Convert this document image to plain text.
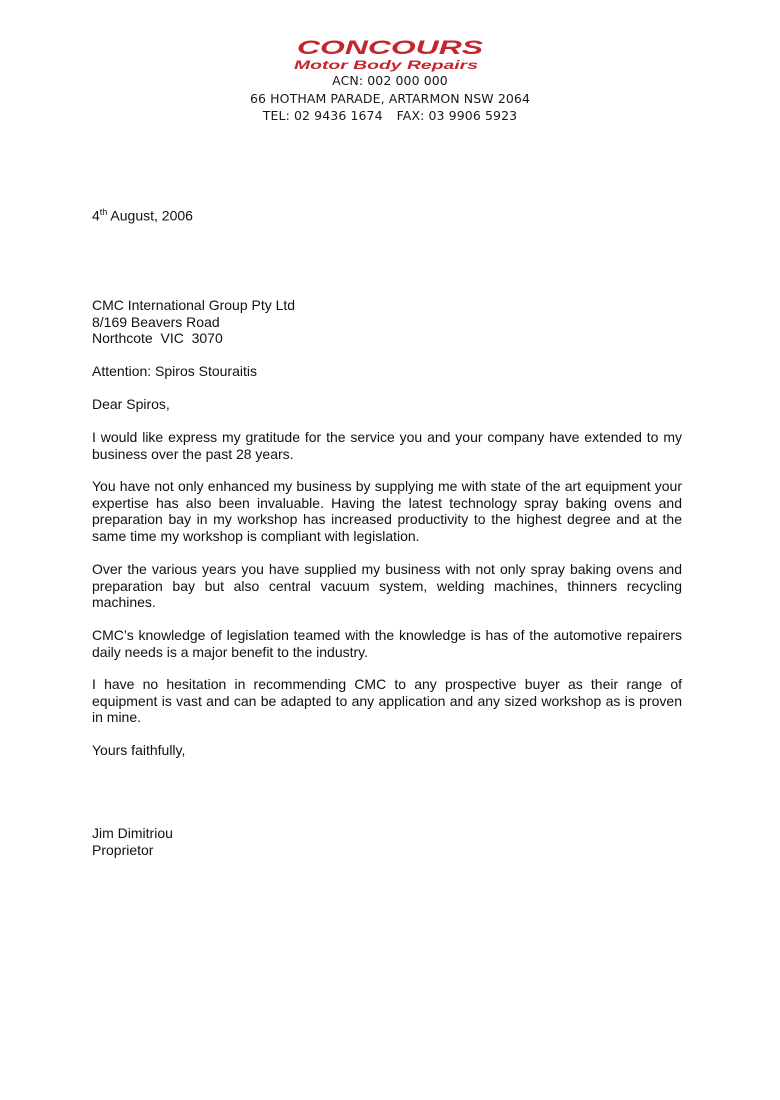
CONCOURS
Motor Body Repairs
ACN: 002 000 000
66 HOTHAM PARADE, ARTARMON NSW 2064
TEL: 02 9436 1674 FAX: 03 9906 5923
4th August, 2006
CMC International Group Pty Ltd
8/169 Beavers Road
Northcote  VIC  3070
Attention: Spiros Stouraitis
Dear Spiros,
I would like express my gratitude for the service you and your company have extended to my business over the past 28 years.
You have not only enhanced my business by supplying me with state of the art equipment your expertise has also been invaluable. Having the latest technology spray baking ovens and preparation bay in my workshop has increased productivity to the highest degree and at the same time my workshop is compliant with legislation.
Over the various years you have supplied my business with not only spray baking ovens and preparation bay but also central vacuum system, welding machines, thinners recycling machines.
CMC’s knowledge of legislation teamed with the knowledge is has of the automotive repairers daily needs is a major benefit to the industry.
I have no hesitation in recommending CMC to any prospective buyer as their range of equipment is vast and can be adapted to any application and any sized workshop as is proven in mine.
Yours faithfully,
Jim Dimitriou
Proprietor
